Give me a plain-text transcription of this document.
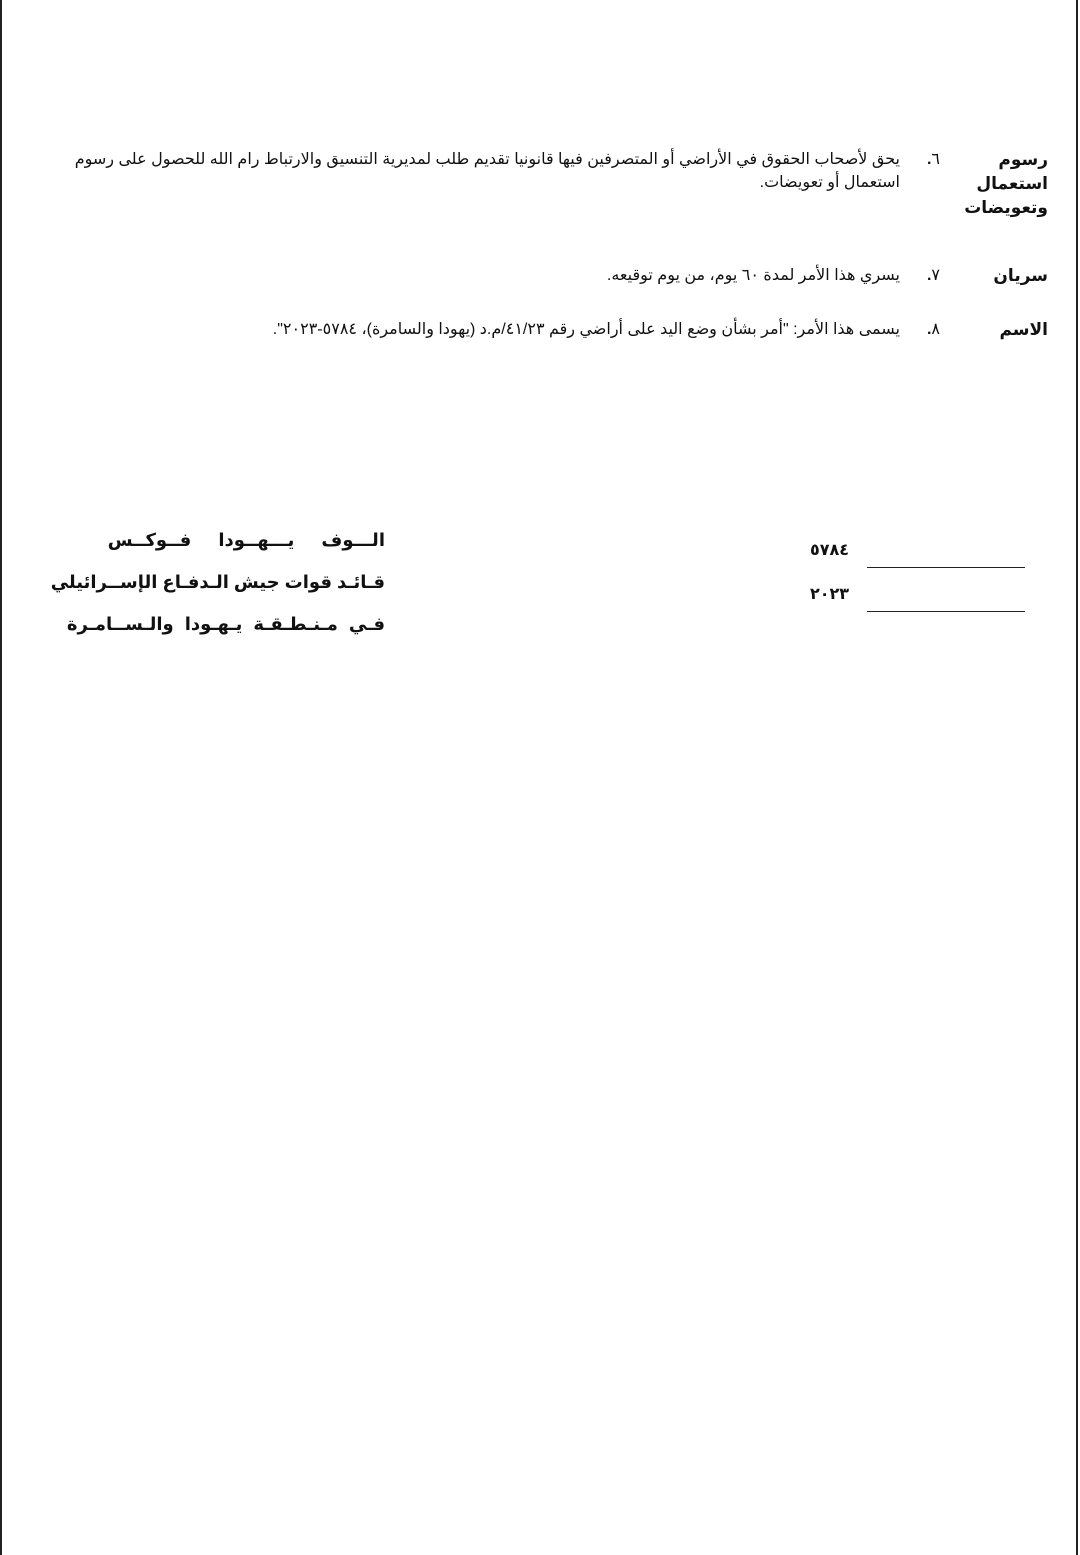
رسوم
استعمال
وتعويضات
٦.
يحق لأصحاب الحقوق في الأراضي أو المتصرفين فيها قانونيا تقديم طلب لمديرية التنسيق والارتباط رام الله للحصول على رسوم استعمال أو تعويضات.
سريان
٧.
يسري هذا الأمر لمدة ٦٠ يوم، من يوم توقيعه.
الاسم
٨.
يسمى هذا الأمر: "أمر بشأن وضع اليد على أراضي رقم ٤١/٢٣/م.د (يهودا والسامرة)، ٥٧٨٤-٢٠٢٣".
الـــوف يـــهــودا فــوكــس
قـائـد قوات جيش الـدفـاع الإســرائيلي
فـي مـنـطـقـة يـهـودا والـســامـرة
٥٧٨٤
٢٠٢٣
